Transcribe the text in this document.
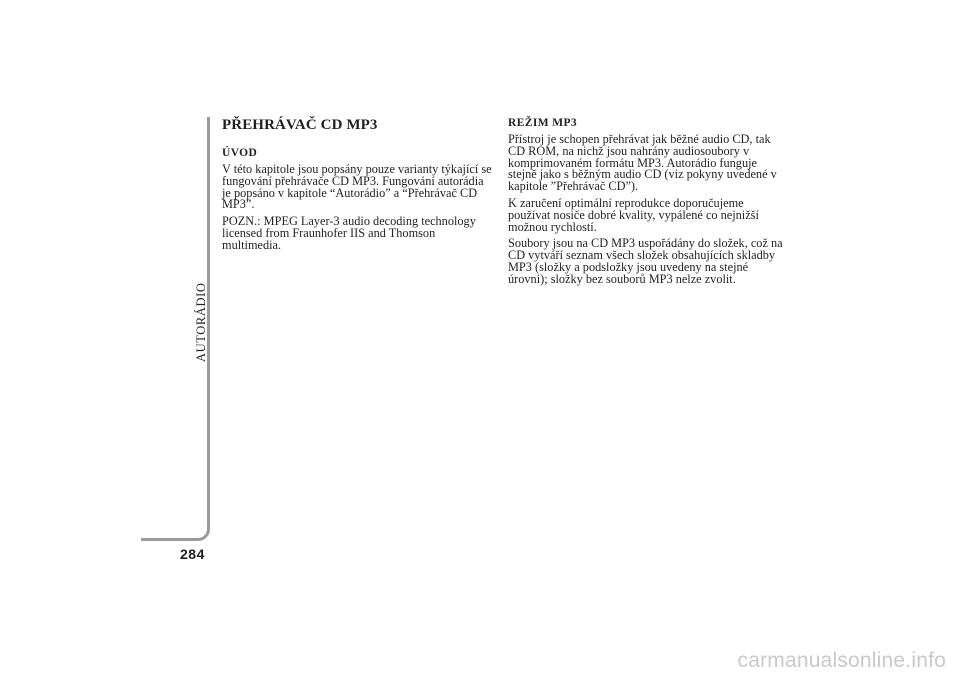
AUTORÁDIO
284
PŘEHRÁVAČ CD MP3
ÚVOD

V této kapitole jsou popsány pouze varianty týkající se fungování přehrávače CD MP3. Fungování autorádia je popsáno v kapitole “Autorádio” a “Přehrávač CD MP3”.

POZN.: MPEG Layer-3 audio decoding technology licensed from Fraunhofer IIS and Thomson multimedia.

REŽIM MP3

Přístroj je schopen přehrávat jak běžné audio CD, tak CD ROM, na nichž jsou nahrány audiosoubory v komprimovaném formátu MP3. Autorádio funguje stejně jako s běžným audio CD (viz pokyny uvedené v kapitole ”Přehrávač CD”).

K zaručení optimální reprodukce doporučujeme používat nosiče dobré kvality, vypálené co nejnižší možnou rychlostí.

Soubory jsou na CD MP3 uspořádány do složek, což na CD vytváří seznam všech složek obsahujících skladby MP3 (složky a podsložky jsou uvedeny na stejné úrovni); složky bez souborů MP3 nelze zvolit.

carmanualsonline.info
